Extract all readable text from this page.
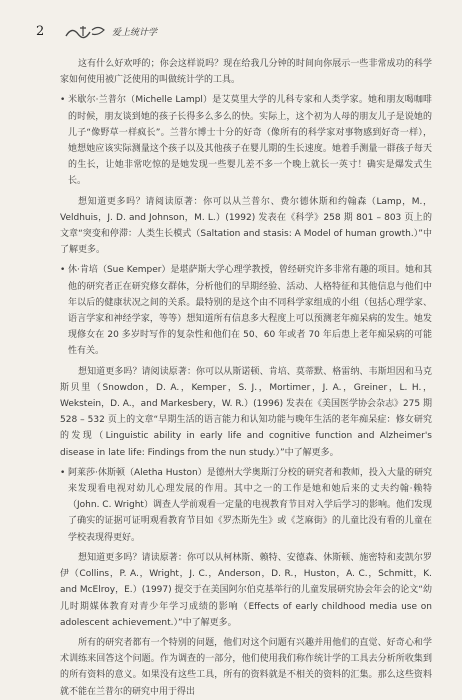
2	爱上统计学

这有什么好欢呼的；你会这样说吗？现在给我几分钟的时间向你展示一些非常成功的科学家如何使用被广泛使用的叫做统计学的工具。

• 米歇尔·兰普尔（Michelle Lampl）是艾莫里大学的儿科专家和人类学家。她和朋友喝咖啡的时候，朋友谈到她的孩子长得多么多么的快。实际上，这个初为人母的朋友儿子是说她的儿子“像野草一样疯长”。兰普尔博士十分的好奇（像所有的科学家对事物感到好奇一样），她想她应该实际测量这个孩子以及其他孩子在婴儿期的生长速度。她着手测量一群孩子每天的生长，让她非常吃惊的是她发现一些婴儿差不多一个晚上就长一英寸！确实是爆发式生长。

想知道更多吗？请阅读原著：你可以从兰普尔、费尔德休斯和约翰森（Lamp，M.，Veldhuis，J. D. and Johnson，M. L.）(1992) 发表在《科学》258 期 801 – 803 页上的文章“突变和停滞：人类生长模式（Saltation and stasis: A Model of human growth.）”中了解更多。

• 休·肯培（Sue Kemper）是堪萨斯大学心理学教授，曾经研究许多非常有趣的项目。她和其他的研究者正在研究修女群体，分析他们的早期经验、活动、人格特征和其他信息与他们中年以后的健康状况之间的关系。最特别的是这个由不同科学家组成的小组（包括心理学家、语言学家和神经学家，等等）想知道所有信息多大程度上可以预测老年痴呆病的发生。她发现修女在 20 多岁时写作的复杂性和他们在 50、60 年或者 70 年后患上老年痴呆病的可能性有关。

想知道更多吗？请阅读原著：你可以从斯诺顿、肯培、莫蒂默、格雷纳、韦斯坦因和马克斯贝里（Snowdon，D. A.，Kemper，S. J.，Mortimer，J. A.，Greiner，L. H.，Wekstein，D. A.，and Markesbery，W. R.）(1996) 发表在《美国医学协会杂志》275 期 528 – 532 页上的文章“早期生活的语言能力和认知功能与晚年生活的老年痴呆症：修女研究的发现（Linguistic ability in early life and cognitive function and Alzheimer's disease in late life: Findings from the nun study.）”中了解更多。

• 阿莱莎·休斯顿（Aletha Huston）是德州大学奥斯汀分校的研究者和教师，投入大量的研究来发现看电视对幼儿心理发展的作用。其中之一的工作是她和她后来的丈夫约翰·赖特（John. C. Wright）调查人学前观看一定量的电视教育节目对入学后学习的影响。他们发现了确实的证据可证明观看教育节目如《罗杰斯先生》或《芝麻街》的儿童比没有看的儿童在学校表现得更好。

想知道更多吗？请读原著：你可以从柯林斯、赖特、安德森、休斯顿、施密特和麦凯尔罗伊（Collins，P. A.，Wright，J. C.，Anderson，D. R.，Huston，A. C.，Schmitt，K. and McElroy，E.）(1997) 提交于在美国阿尔伯克基举行的儿童发展研究协会年会的论文“幼儿时期媒体教育对青少年学习成绩的影响（Effects of early childhood media use on adolescent achievement.）”中了解更多。

所有的研究者都有一个特别的问题，他们对这个问题有兴趣并用他们的直觉、好奇心和学术训练来回答这个问题。作为调查的一部分，他们使用我们称作统计学的工具去分析所收集到的所有资料的意义。如果没有这些工具，所有的资料就是不相关的资料的汇集。那么这些资料就不能在兰普尔的研究中用于得出
